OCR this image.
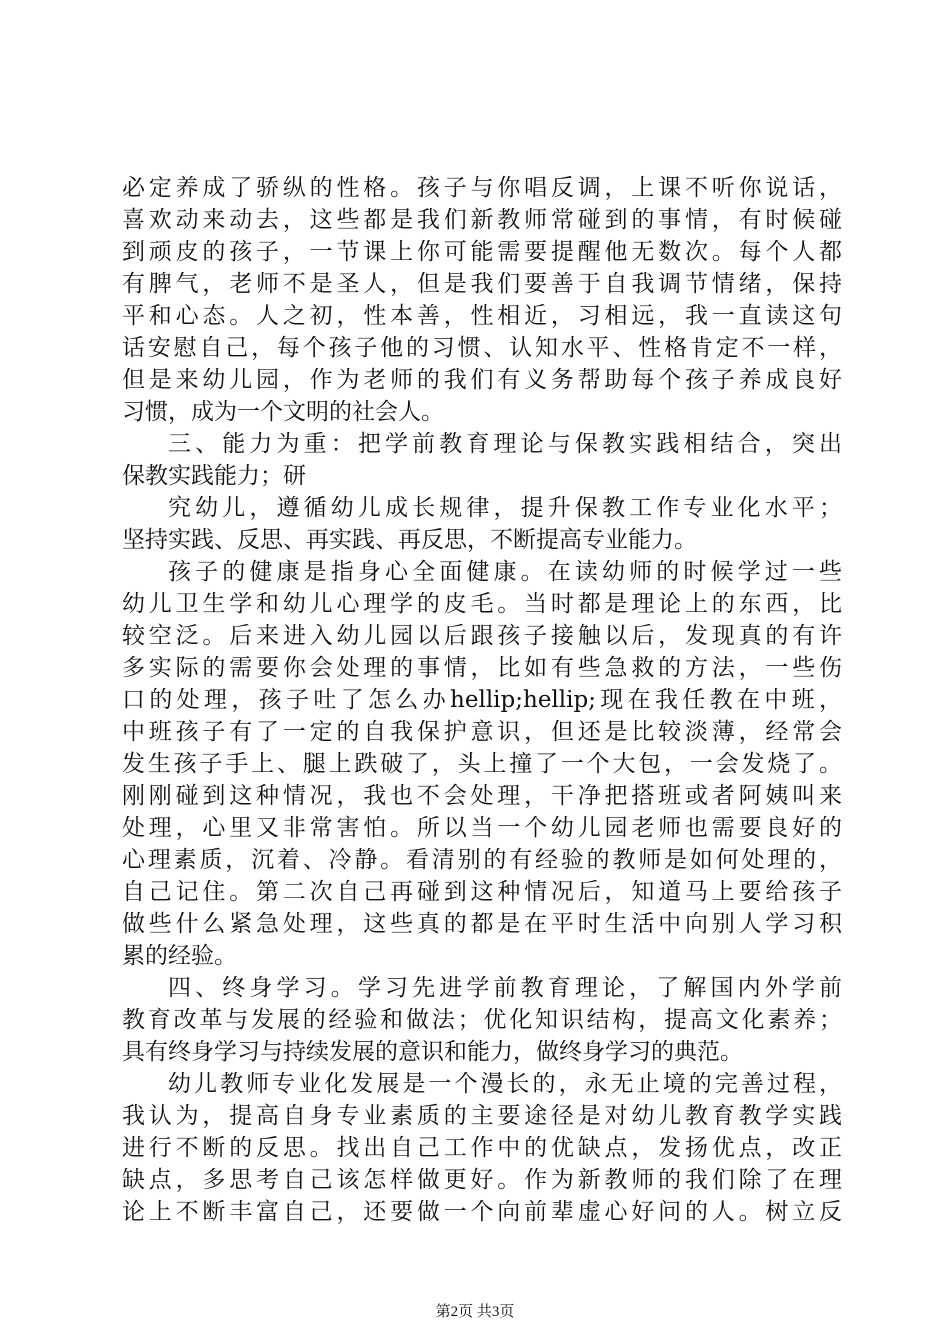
必定养成了骄纵的性格。孩子与你唱反调，上课不听你说话，
喜欢动来动去，这些都是我们新教师常碰到的事情，有时候碰
到顽皮的孩子，一节课上你可能需要提醒他无数次。每个人都
有脾气，老师不是圣人，但是我们要善于自我调节情绪，保持
平和心态。人之初，性本善，性相近，习相远，我一直读这句
话安慰自己，每个孩子他的习惯、认知水平、性格肯定不一样，
但是来幼儿园，作为老师的我们有义务帮助每个孩子养成良好
习惯，成为一个文明的社会人。
三、能力为重：把学前教育理论与保教实践相结合，突出
保教实践能力；研
究幼儿，遵循幼儿成长规律，提升保教工作专业化水平；
坚持实践、反思、再实践、再反思，不断提高专业能力。
孩子的健康是指身心全面健康。在读幼师的时候学过一些
幼儿卫生学和幼儿心理学的皮毛。当时都是理论上的东西，比
较空泛。后来进入幼儿园以后跟孩子接触以后，发现真的有许
多实际的需要你会处理的事情，比如有些急救的方法，一些伤
口的处理，孩子吐了怎么办hellip;hellip;现在我任教在中班，
中班孩子有了一定的自我保护意识，但还是比较淡薄，经常会
发生孩子手上、腿上跌破了，头上撞了一个大包，一会发烧了。
刚刚碰到这种情况，我也不会处理，干净把搭班或者阿姨叫来
处理，心里又非常害怕。所以当一个幼儿园老师也需要良好的
心理素质，沉着、冷静。看清别的有经验的教师是如何处理的，
自己记住。第二次自己再碰到这种情况后，知道马上要给孩子
做些什么紧急处理，这些真的都是在平时生活中向别人学习积
累的经验。
四、终身学习。学习先进学前教育理论，了解国内外学前
教育改革与发展的经验和做法；优化知识结构，提高文化素养；
具有终身学习与持续发展的意识和能力，做终身学习的典范。
幼儿教师专业化发展是一个漫长的，永无止境的完善过程，
我认为，提高自身专业素质的主要途径是对幼儿教育教学实践
进行不断的反思。找出自己工作中的优缺点，发扬优点，改正
缺点，多思考自己该怎样做更好。作为新教师的我们除了在理
论上不断丰富自己，还要做一个向前辈虚心好问的人。树立反
第2页 共3页
